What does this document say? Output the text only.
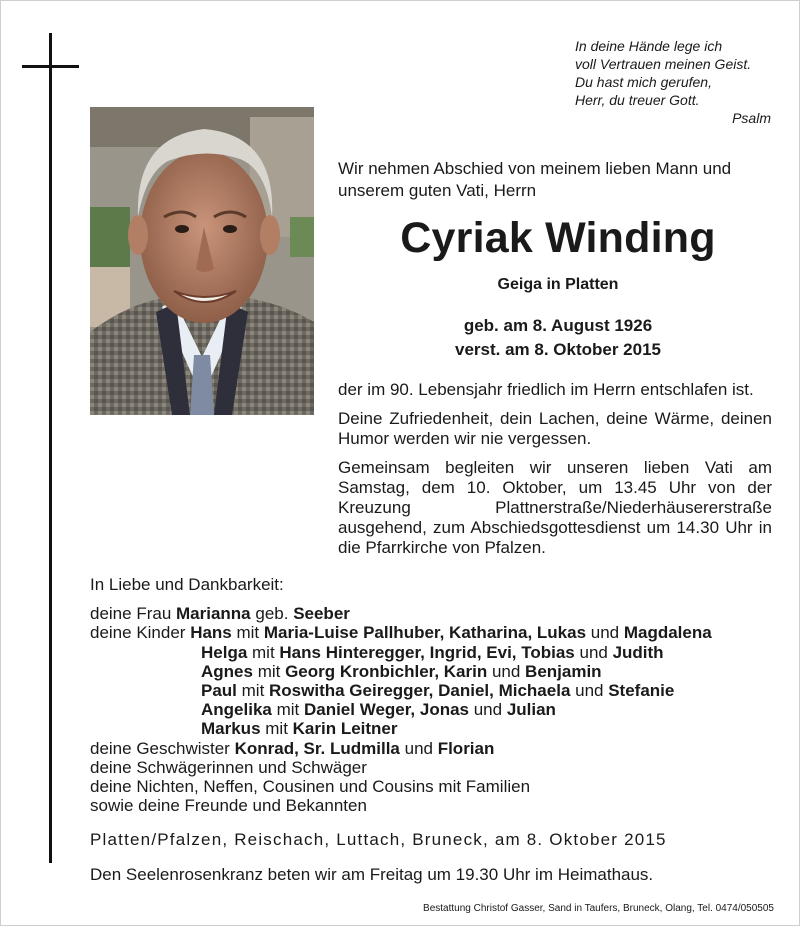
In deine Hände lege ich
voll Vertrauen meinen Geist.
Du hast mich gerufen,
Herr, du treuer Gott.
Psalm
Wir nehmen Abschied von meinem lieben Mann und
unserem guten Vati, Herrn
Cyriak Winding
Geiga in Platten
geb. am 8. August 1926
verst. am 8. Oktober 2015

der im 90. Lebensjahr friedlich im Herrn entschlafen ist.

Deine Zufriedenheit, dein Lachen, deine Wärme, deinen Humor werden wir nie vergessen.

Gemeinsam begleiten wir unseren lieben Vati am Samstag, dem 10. Oktober, um 13.45 Uhr von der Kreuzung Plattnerstraße/Niederhäusererstraße ausgehend, zum Abschiedsgottesdienst um 14.30 Uhr in die Pfarrkirche von Pfalzen.

In Liebe und Dankbarkeit:
deine Frau Marianna geb. Seeber
deine Kinder Hans mit Maria-Luise Pallhuber, Katharina, Lukas und Magdalena
Helga mit Hans Hinteregger, Ingrid, Evi, Tobias und Judith
Agnes mit Georg Kronbichler, Karin und Benjamin
Paul mit Roswitha Geiregger, Daniel, Michaela und Stefanie
Angelika mit Daniel Weger, Jonas und Julian
Markus mit Karin Leitner
deine Geschwister Konrad, Sr. Ludmilla und Florian
deine Schwägerinnen und Schwäger
deine Nichten, Neffen, Cousinen und Cousins mit Familien
sowie deine Freunde und Bekannten
Platten/Pfalzen, Reischach, Luttach, Bruneck, am 8. Oktober 2015
Den Seelenrosenkranz beten wir am Freitag um 19.30 Uhr im Heimathaus.
Bestattung Christof Gasser, Sand in Taufers, Bruneck, Olang, Tel. 0474/050505
